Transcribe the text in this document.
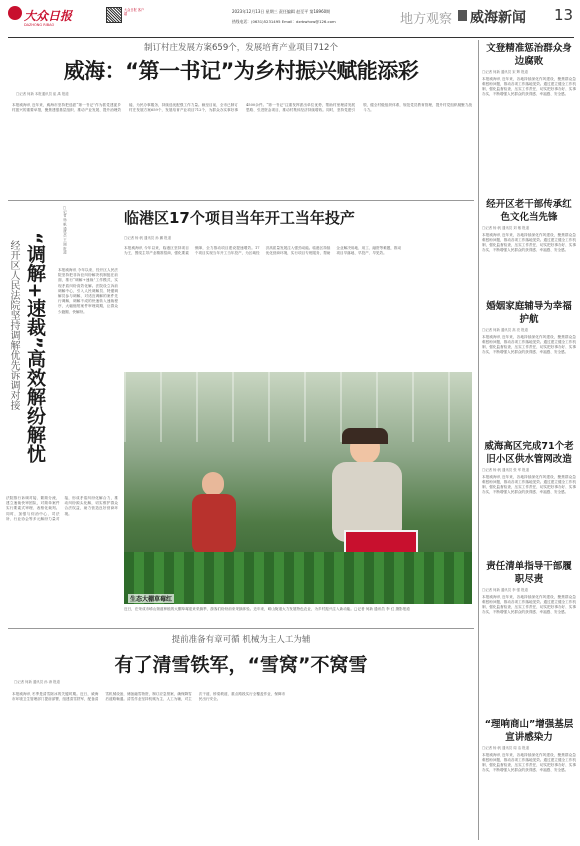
大众日报
DAZHONG RIBAO
大众日报 客户端	2023年12月13日 星期三 责任编辑 赵至平 第18960期
热线电话：(0631)5231495 Email：dzrbwhxw@126.com	地方观察 威海新闻 13
制订村庄发展方案659个，发展培育产业项目712个
威海：“第一书记”为乡村振兴赋能添彩
□记者 何新 本报通讯员 崔 禹 报道
本报威海讯 近年来，威海市坚持把选派“第一书记”作为抓党建促乡村振兴的重要举措，聚焦建强基层组织、推动产业发展、提升治理效能、为民办事服务，持续选优配强工作力量。截至目前，全市已制订村庄发展方案659个，发展培育产业项目712个，为群众办实事好事4500余件。“第一书记”注重发挥派出单位优势，帮助村里理清发展思路、引进资金项目，推动村集体经济持续增收。同时，坚持党建引领，健全村级组织体系，规范党员教育管理，提升村党组织凝聚力战斗力。
□记者 杨 帆 通讯员 王 刚 报道
“调解+速裁”高效解纷解忧
经开区人民法院坚持调解优先诉调对接	本报威海讯 今年以来，经开区人民法院坚持把非诉讼纠纷解决机制挺在前面，推行“调解+速裁”工作模式，实现矛盾纠纷高效化解。法院设立诉前调解中心，引入人民调解员、特邀调解员参与调解，对适宜调解的案件先行调解，调解不成的快速转入速裁程序，大幅缩短案件审理周期，让群众少跑腿、快解纷。
法院推行诉调对接、繁简分流，建立速裁快审团队，对简单案件实行要素式审理、表格化裁判。同时，加强与综治中心、司法所、行业协会等多元解纷力量对接，形成矛盾纠纷化解合力，推动纠纷源头化解，切实维护群众合法权益，助力营造良好营商环境。
临港区17个项目当年开工当年投产
□记者 杨 帆 通讯员 孙 鹏 报道
本报威海讯 今年以来，临港区坚持项目为王，围绕主导产业精准招商，强化要素保障，全力推动项目建设提速增效。17个项目实现当年开工当年投产，为区域经济高质量发展注入强劲动能。临港区持续优化营商环境，实行项目专班服务，帮助企业解决用地、用工、融资等难题，推动项目早落地、早投产、早见效。
生态大棚草莓红
近日，在荣成市崂山街道种植的大棚草莓迎来采摘季，游客们纷纷前来采摘体验。近年来，崂山街道大力发展特色农业，为乡村振兴注入新动能。□记者 何新 通讯员 李 红 摄影报道
提前准备有章可循 机械为主人工为辅
有了清雪铁军，“雪窝”不窝雪
□记者 何新 通讯员 孙 涛 报道
本报威海讯 冬季是清雪除冰的关键时期。近日，威海市环境卫生管理部门提前部署，组建清雪铁军，配备清雪机械设备，储备融雪物资，制订应急预案，确保降雪后道路畅通。清雪作业坚持机械为主、人工为辅，对主次干道、桥梁坡道、重点路段实行全覆盖作业，保障市民出行安全。
文登精准惩治群众身边腐败
□记者 何新 通讯员 宋 辉 报道
本报威海讯 近年来，各地持续深化作风建设，聚焦群众急难愁盼问题，推动各项工作落地见效。通过建立健全工作机制，强化监督检查，压实工作责任，切实把好事办好、实事办实，不断增强人民群众的获得感、幸福感、安全感。
经开区老干部传承红色文化当先锋
□记者 杨 帆 通讯员 刘 敏 报道
本报威海讯 近年来，各地持续深化作风建设，聚焦群众急难愁盼问题，推动各项工作落地见效。通过建立健全工作机制，强化监督检查，压实工作责任，切实把好事办好、实事办实，不断增强人民群众的获得感、幸福感、安全感。
婚姻家庭辅导为幸福护航
□记者 何新 通讯员 高 亮 报道
本报威海讯 近年来，各地持续深化作风建设，聚焦群众急难愁盼问题，推动各项工作落地见效。通过建立健全工作机制，强化监督检查，压实工作责任，切实把好事办好、实事办实，不断增强人民群众的获得感、幸福感、安全感。
威海高区完成71个老旧小区供水管网改造
□记者 杨 帆 通讯员 张 军 报道
本报威海讯 近年来，各地持续深化作风建设，聚焦群众急难愁盼问题，推动各项工作落地见效。通过建立健全工作机制，强化监督检查，压实工作责任，切实把好事办好、实事办实，不断增强人民群众的获得感、幸福感、安全感。
责任清单指导干部履职尽责
□记者 何新 通讯员 李 强 报道
本报威海讯 近年来，各地持续深化作风建设，聚焦群众急难愁盼问题，推动各项工作落地见效。通过建立健全工作机制，强化监督检查，压实工作责任，切实把好事办好、实事办实，不断增强人民群众的获得感、幸福感、安全感。
“理响商山”增强基层宣讲感染力
□记者 杨 帆 通讯员 周 洁 报道
本报威海讯 近年来，各地持续深化作风建设，聚焦群众急难愁盼问题，推动各项工作落地见效。通过建立健全工作机制，强化监督检查，压实工作责任，切实把好事办好、实事办实，不断增强人民群众的获得感、幸福感、安全感。
